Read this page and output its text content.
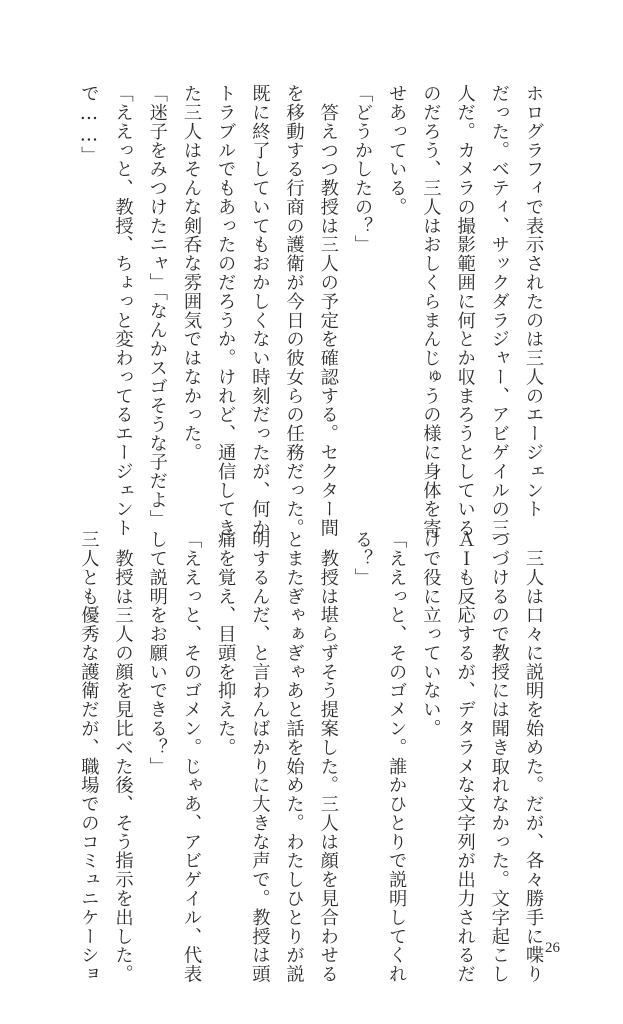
ホログラフィで表示されたのは三人のエージェント
だった。ベティ、サックダラジャー、アビゲイルの三
人だ。カメラの撮影範囲に何とか収まろうとしている
のだろう、三人はおしくらまんじゅうの様に身体を寄
せあっている。
「どうかしたの？」
　答えつつ教授は三人の予定を確認する。セクター間
を移動する行商の護衛が今日の彼女らの任務だった。
既に終了していてもおかしくない時刻だったが、何か
トラブルでもあったのだろうか。けれど、通信してき
た三人はそんな剣呑な雰囲気ではなかった。
「迷子をみつけたニャ」「なんかスゴそうな子だよ」
「ええっと、教授、ちょっと変わってるエージェント
で……」
　三人は口々に説明を始めた。だが、各々勝手に喋り
つづけるので教授には聞き取れなかった。文字起こし
ＡＩも反応するが、デタラメな文字列が出力されるだ
けで役に立っていない。
「ええっと、そのゴメン。誰かひとりで説明してくれ
る？」
　教授は堪らずそう提案した。三人は顔を見合わせる
とまたぎゃぁぎゃあと話を始めた。わたしひとりが説
明するんだ、と言わんばかりに大きな声で。教授は頭
痛を覚え、目頭を抑えた。
「ええっと、そのゴメン。じゃあ、アビゲイル、代表
して説明をお願いできる？」
　教授は三人の顔を見比べた後、そう指示を出した。
三人とも優秀な護衛だが、職場でのコミュニケーショ	26
